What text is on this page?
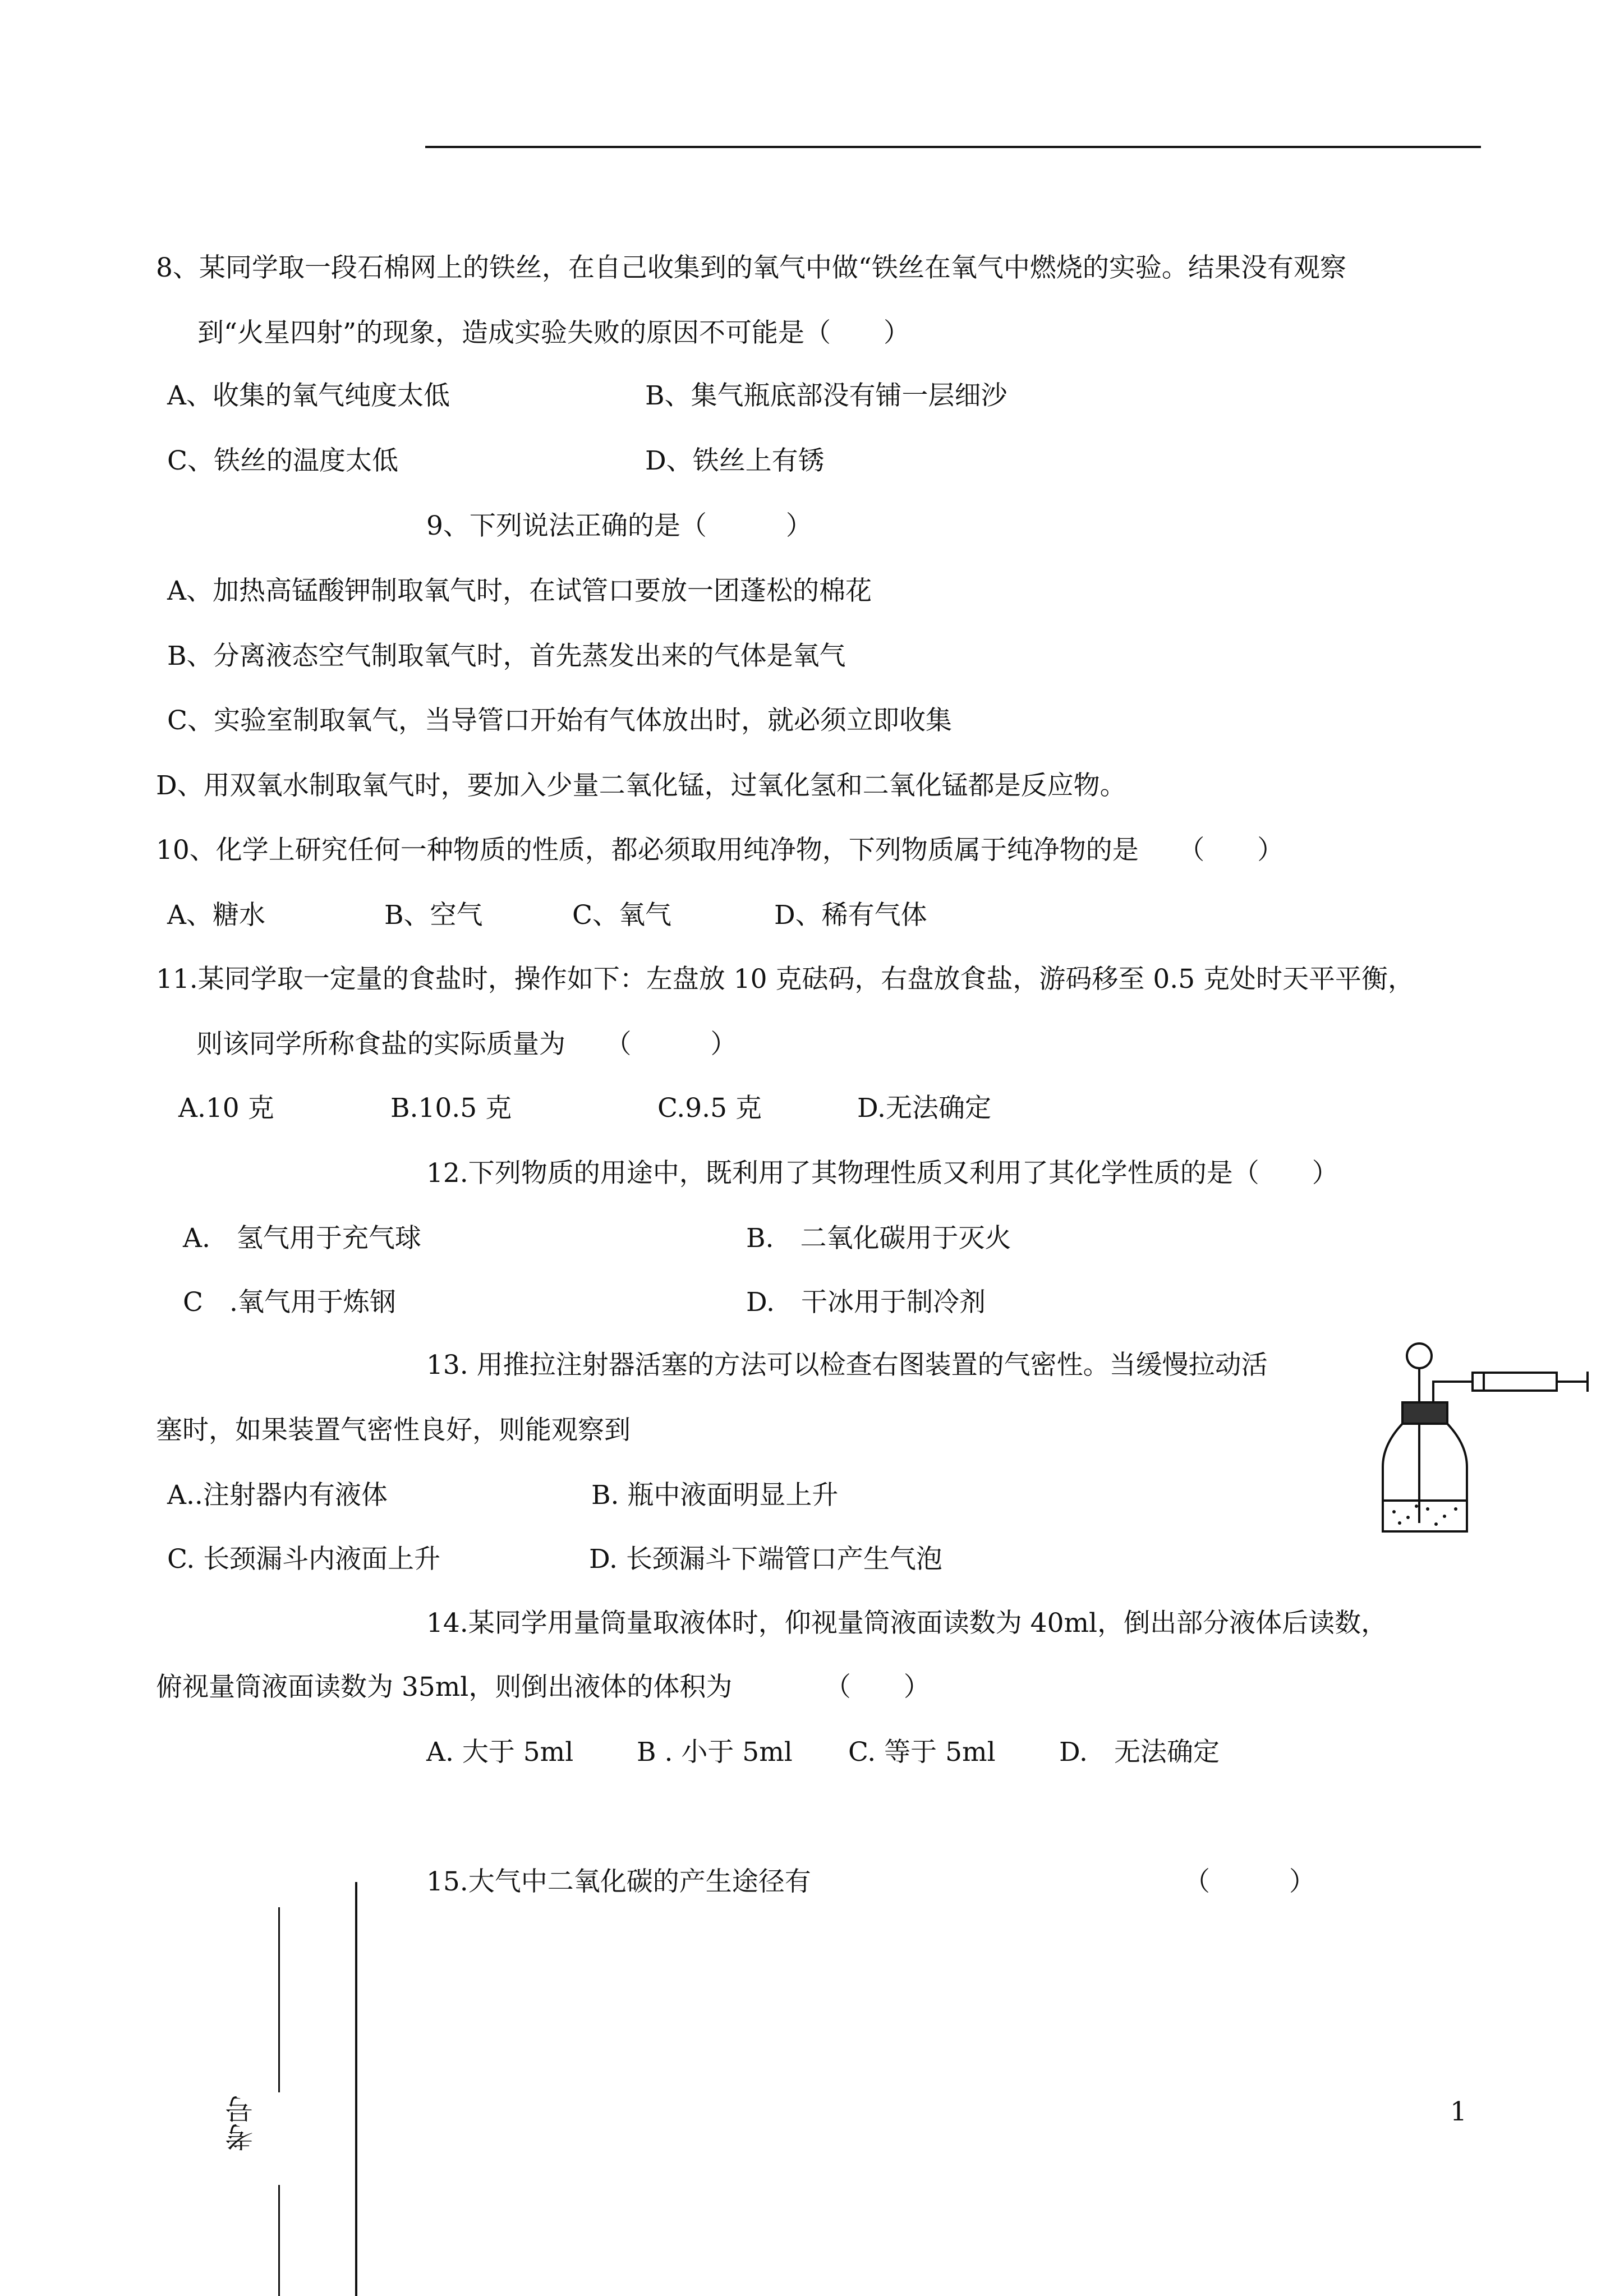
8、某同学取一段石棉网上的铁丝，在自己收集到的氧气中做“铁丝在氧气中燃烧的实验。结果没有观察
到“火星四射”的现象，造成实验失败的原因不可能是（　　）
A、收集的氧气纯度太低	B、集气瓶底部没有铺一层细沙
C、铁丝的温度太低	D、铁丝上有锈
9、下列说法正确的是（　　　）
A、加热高锰酸钾制取氧气时，在试管口要放一团蓬松的棉花
B、分离液态空气制取氧气时，首先蒸发出来的气体是氧气
C、实验室制取氧气，当导管口开始有气体放出时，就必须立即收集
D、用双氧水制取氧气时，要加入少量二氧化锰，过氧化氢和二氧化锰都是反应物。
10、化学上研究任何一种物质的性质，都必须取用纯净物，下列物质属于纯净物的是　　（　　）
A、糖水	B、空气	C、氧气	D、稀有气体
11.某同学取一定量的食盐时，操作如下：左盘放 10 克砝码，右盘放食盐，游码移至 0.5 克处时天平平衡，
则该同学所称食盐的实际质量为　　（　　　）
A.10 克	B.10.5 克	C.9.5 克	D.无法确定
12.下列物质的用途中，既利用了其物理性质又利用了其化学性质的是（　　）
A.　氢气用于充气球	B.　二氧化碳用于灭火
C　.氧气用于炼钢	D.　干冰用于制冷剂
13. 用推拉注射器活塞的方法可以检查右图装置的气密性。当缓慢拉动活
塞时，如果装置气密性良好，则能观察到
A..注射器内有液体	B. 瓶中液面明显上升
C. 长颈漏斗内液面上升	D. 长颈漏斗下端管口产生气泡
14.某同学用量筒量取液体时，仰视量筒液面读数为 40ml，倒出部分液体后读数，
俯视量筒液面读数为 35ml，则倒出液体的体积为　　　　（　　）
A. 大于 5ml B . 小于 5ml C. 等于 5ml D.　无法确定
15.大气中二氧化碳的产生途径有	（　　　）
考号	1
